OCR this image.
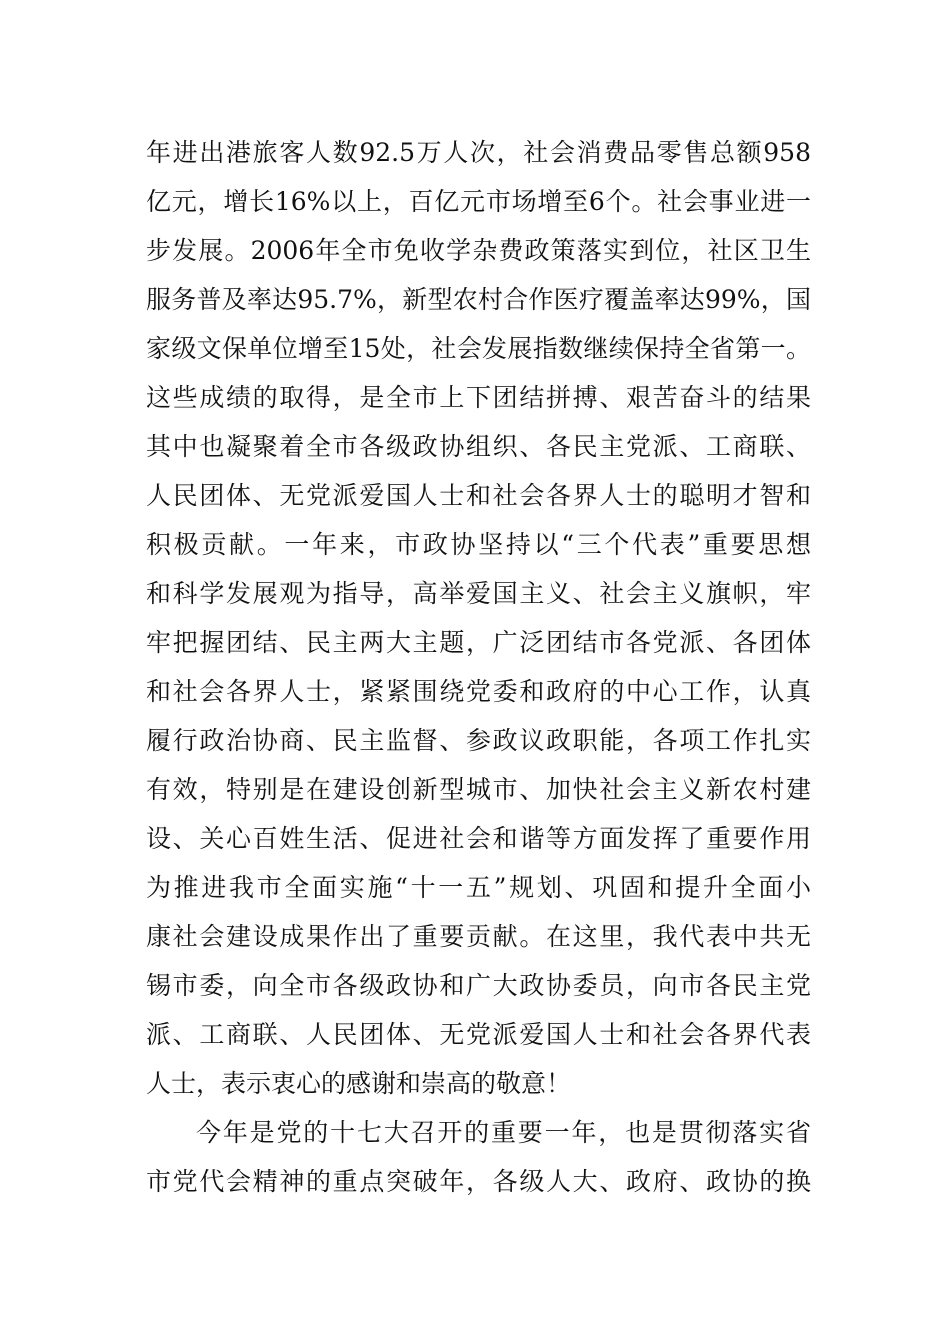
年进出港旅客人数92.5万人次，社会消费品零售总额958
亿元，增长16%以上，百亿元市场增至6个。社会事业进一
步发展。2006年全市免收学杂费政策落实到位，社区卫生
服务普及率达95.7%，新型农村合作医疗覆盖率达99%，国
家级文保单位增至15处，社会发展指数继续保持全省第一。
这些成绩的取得，是全市上下团结拼搏、艰苦奋斗的结果
其中也凝聚着全市各级政协组织、各民主党派、工商联、
人民团体、无党派爱国人士和社会各界人士的聪明才智和
积极贡献。一年来，市政协坚持以“三个代表”重要思想
和科学发展观为指导，高举爱国主义、社会主义旗帜，牢
牢把握团结、民主两大主题，广泛团结市各党派、各团体
和社会各界人士，紧紧围绕党委和政府的中心工作，认真
履行政治协商、民主监督、参政议政职能，各项工作扎实
有效，特别是在建设创新型城市、加快社会主义新农村建
设、关心百姓生活、促进社会和谐等方面发挥了重要作用
为推进我市全面实施“十一五”规划、巩固和提升全面小
康社会建设成果作出了重要贡献。在这里，我代表中共无
锡市委，向全市各级政协和广大政协委员，向市各民主党
派、工商联、人民团体、无党派爱国人士和社会各界代表
人士，表示衷心的感谢和崇高的敬意！
今年是党的十七大召开的重要一年，也是贯彻落实省
市党代会精神的重点突破年，各级人大、政府、政协的换
